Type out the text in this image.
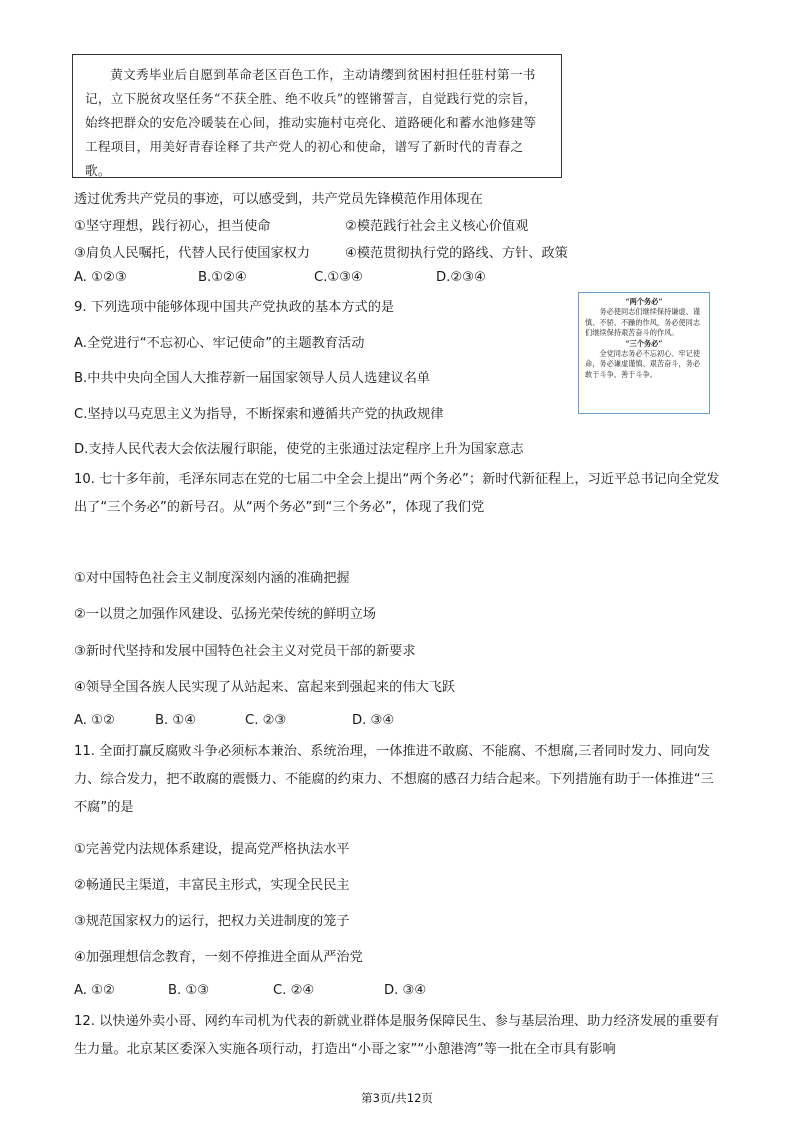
黄文秀毕业后自愿到革命老区百色工作，主动请缨到贫困村担任驻村第一书记，立下脱贫攻坚任务“不获全胜、绝不收兵”的铿锵誓言，自觉践行党的宗旨，始终把群众的安危冷暖装在心间，推动实施村屯亮化、道路硬化和蓄水池修建等工程项目，用美好青春诠释了共产党人的初心和使命，谱写了新时代的青春之歌。

透过优秀共产党员的事迹，可以感受到，共产党员先锋模范作用体现在
①坚守理想，践行初心，担当使命	②模范践行社会主义核心价值观
③肩负人民嘱托，代替人民行使国家权力	④模范贯彻执行党的路线、方针、政策
A. ①②③	B.①②④	C.①③④	D.②③④
9. 下列选项中能够体现中国共产党执政的基本方式的是
A.全党进行“不忘初心、牢记使命”的主题教育活动
B.中共中央向全国人大推荐新一届国家领导人员人选建议名单
C.坚持以马克思主义为指导，不断探索和遵循共产党的执政规律
D.支持人民代表大会依法履行职能，使党的主张通过法定程序上升为国家意志

“两个务必”

务必使同志们继续保持谦虚、谨慎、不骄、不躁的作风，务必使同志们继续保持艰苦奋斗的作风。

“三个务必”

全党同志务必不忘初心、牢记使命，务必谦虚谨慎、艰苦奋斗，务必敢于斗争、善于斗争。

10. 七十多年前，毛泽东同志在党的七届二中全会上提出“两个务必”；新时代新征程上，习近平总书记向全党发出了“三个务必”的新号召。从“两个务必”到“三个务必”，体现了我们党

①对中国特色社会主义制度深刻内涵的准确把握
②一以贯之加强作风建设、弘扬光荣传统的鲜明立场
③新时代坚持和发展中国特色社会主义对党员干部的新要求
④领导全国各族人民实现了从站起来、富起来到强起来的伟大飞跃
A. ①②	B. ①④	C. ②③	D. ③④

11. 全面打赢反腐败斗争必须标本兼治、系统治理，一体推进不敢腐、不能腐、不想腐,三者同时发力、同向发力、综合发力，把不敢腐的震慑力、不能腐的约束力、不想腐的感召力结合起来。下列措施有助于一体推进“三不腐”的是

①完善党内法规体系建设，提高党严格执法水平
②畅通民主渠道，丰富民主形式，实现全民民主
③规范国家权力的运行，把权力关进制度的笼子
④加强理想信念教育，一刻不停推进全面从严治党
A. ①②	B. ①③	C. ②④	D. ③④

12. 以快递外卖小哥、网约车司机为代表的新就业群体是服务保障民生、参与基层治理、助力经济发展的重要有生力量。北京某区委深入实施各项行动，打造出“小哥之家”“小憩港湾”等一批在全市具有影响

第3页/共12页
